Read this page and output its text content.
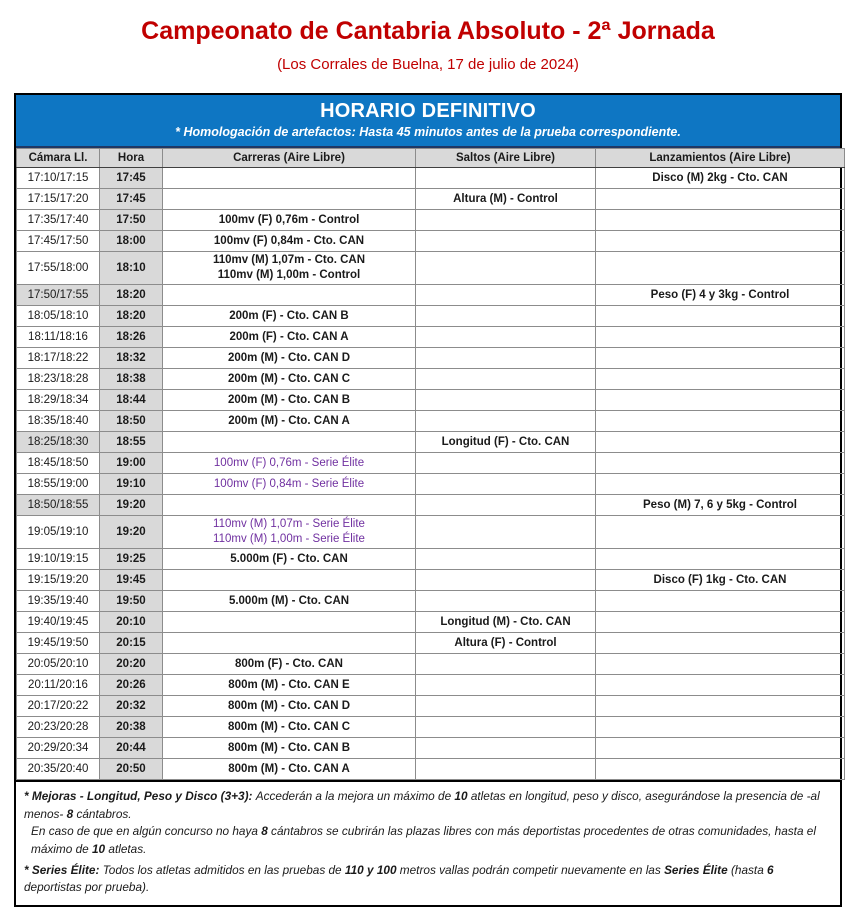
Campeonato de Cantabria Absoluto - 2ª Jornada
(Los Corrales de Buelna, 17 de julio de 2024)
HORARIO DEFINITIVO
* Homologación de artefactos: Hasta 45 minutos antes de la prueba correspondiente.
Cámara Ll.	Hora	Carreras (Aire Libre)	Saltos (Aire Libre)	Lanzamientos (Aire Libre)
17:10/17:15	17:45			Disco (M) 2kg - Cto. CAN

17:15/17:20	17:45		Altura (M) - Control	

17:35/17:40	17:50	100mv (F) 0,76m - Control		

17:45/17:50	18:00	100mv (F) 0,84m - Cto. CAN		

17:55/18:00	18:10	110mv (M) 1,07m - Cto. CAN
110mv (M) 1,00m - Control		

17:50/17:55	18:20			Peso (F) 4 y 3kg - Control

18:05/18:10	18:20	200m (F) - Cto. CAN B		

18:11/18:16	18:26	200m (F) - Cto. CAN A		

18:17/18:22	18:32	200m (M) - Cto. CAN D		

18:23/18:28	18:38	200m (M) - Cto. CAN C		

18:29/18:34	18:44	200m (M) - Cto. CAN B		

18:35/18:40	18:50	200m (M) - Cto. CAN A		

18:25/18:30	18:55		Longitud (F) - Cto. CAN	

18:45/18:50	19:00	100mv (F) 0,76m - Serie Élite		

18:55/19:00	19:10	100mv (F) 0,84m - Serie Élite		

18:50/18:55	19:20			Peso (M) 7, 6 y 5kg - Control

19:05/19:10	19:20	110mv (M) 1,07m - Serie Élite
110mv (M) 1,00m - Serie Élite		

19:10/19:15	19:25	5.000m (F) - Cto. CAN		

19:15/19:20	19:45			Disco (F) 1kg - Cto. CAN

19:35/19:40	19:50	5.000m (M) - Cto. CAN		

19:40/19:45	20:10		Longitud (M) - Cto. CAN	

19:45/19:50	20:15		Altura (F) - Control	

20:05/20:10	20:20	800m (F) - Cto. CAN		

20:11/20:16	20:26	800m (M) - Cto. CAN E		

20:17/20:22	20:32	800m (M) - Cto. CAN D		

20:23/20:28	20:38	800m (M) - Cto. CAN C		

20:29/20:34	20:44	800m (M) - Cto. CAN B		

20:35/20:40	20:50	800m (M) - Cto. CAN A		

* Mejoras - Longitud, Peso y Disco (3+3): Accederán a la mejora un máximo de 10 atletas en longitud, peso y disco, asegurándose la presencia de -al menos- 8 cántabros.
En caso de que en algún concurso no haya 8 cántabros se cubrirán las plazas libres con más deportistas procedentes de otras comunidades, hasta el máximo de 10 atletas.
* Series Élite: Todos los atletas admitidos en las pruebas de 110 y 100 metros vallas podrán competir nuevamente en las Series Élite (hasta 6 deportistas por prueba).
